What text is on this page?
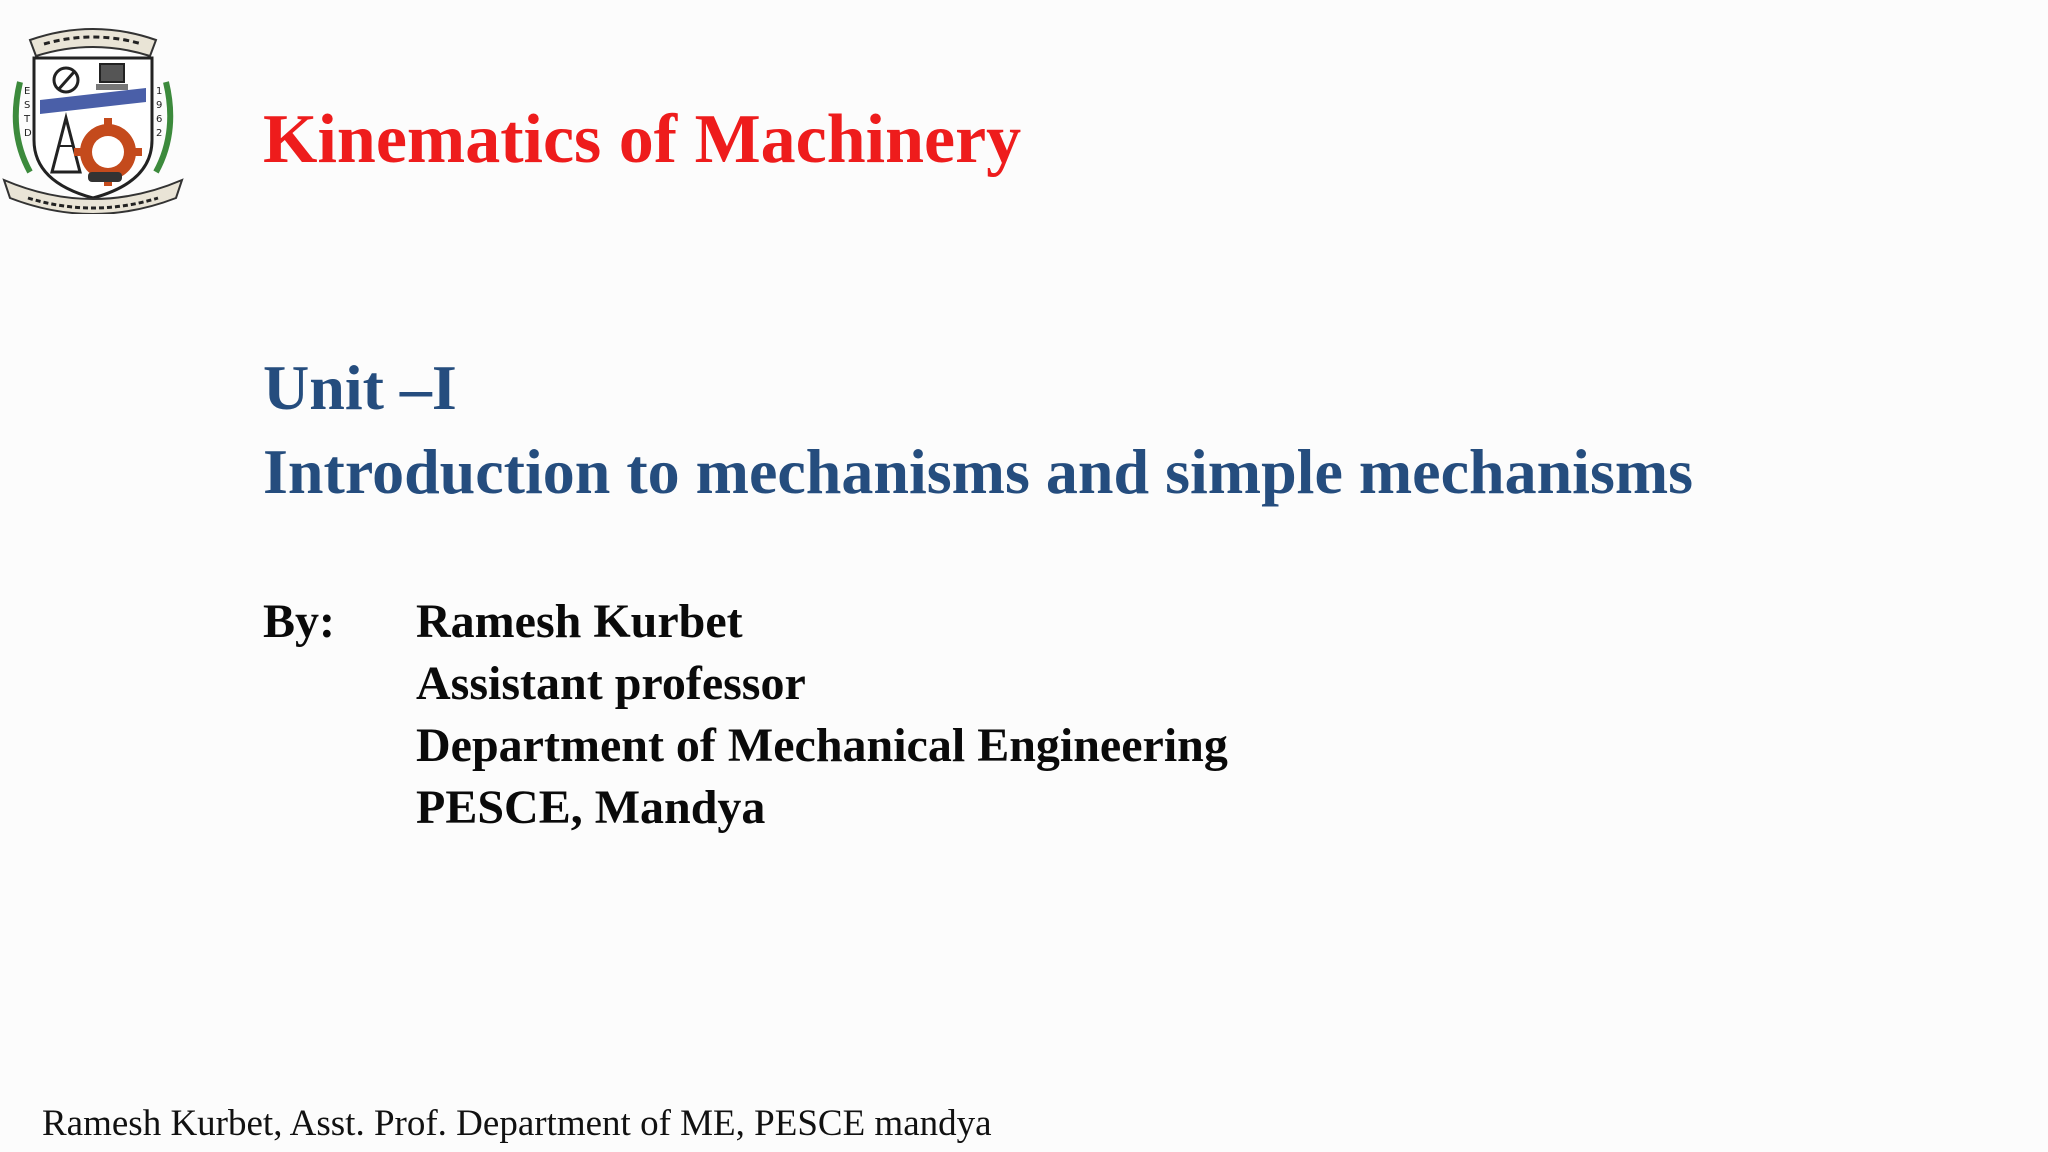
E
S
T
D
1
9
6
2 Kinematics of Machinery
Unit –I
Introduction to mechanisms and simple mechanisms
By: Ramesh Kurbet
Assistant professor
Department of Mechanical Engineering
PESCE, Mandya
Ramesh Kurbet, Asst. Prof. Department of ME, PESCE mandya
